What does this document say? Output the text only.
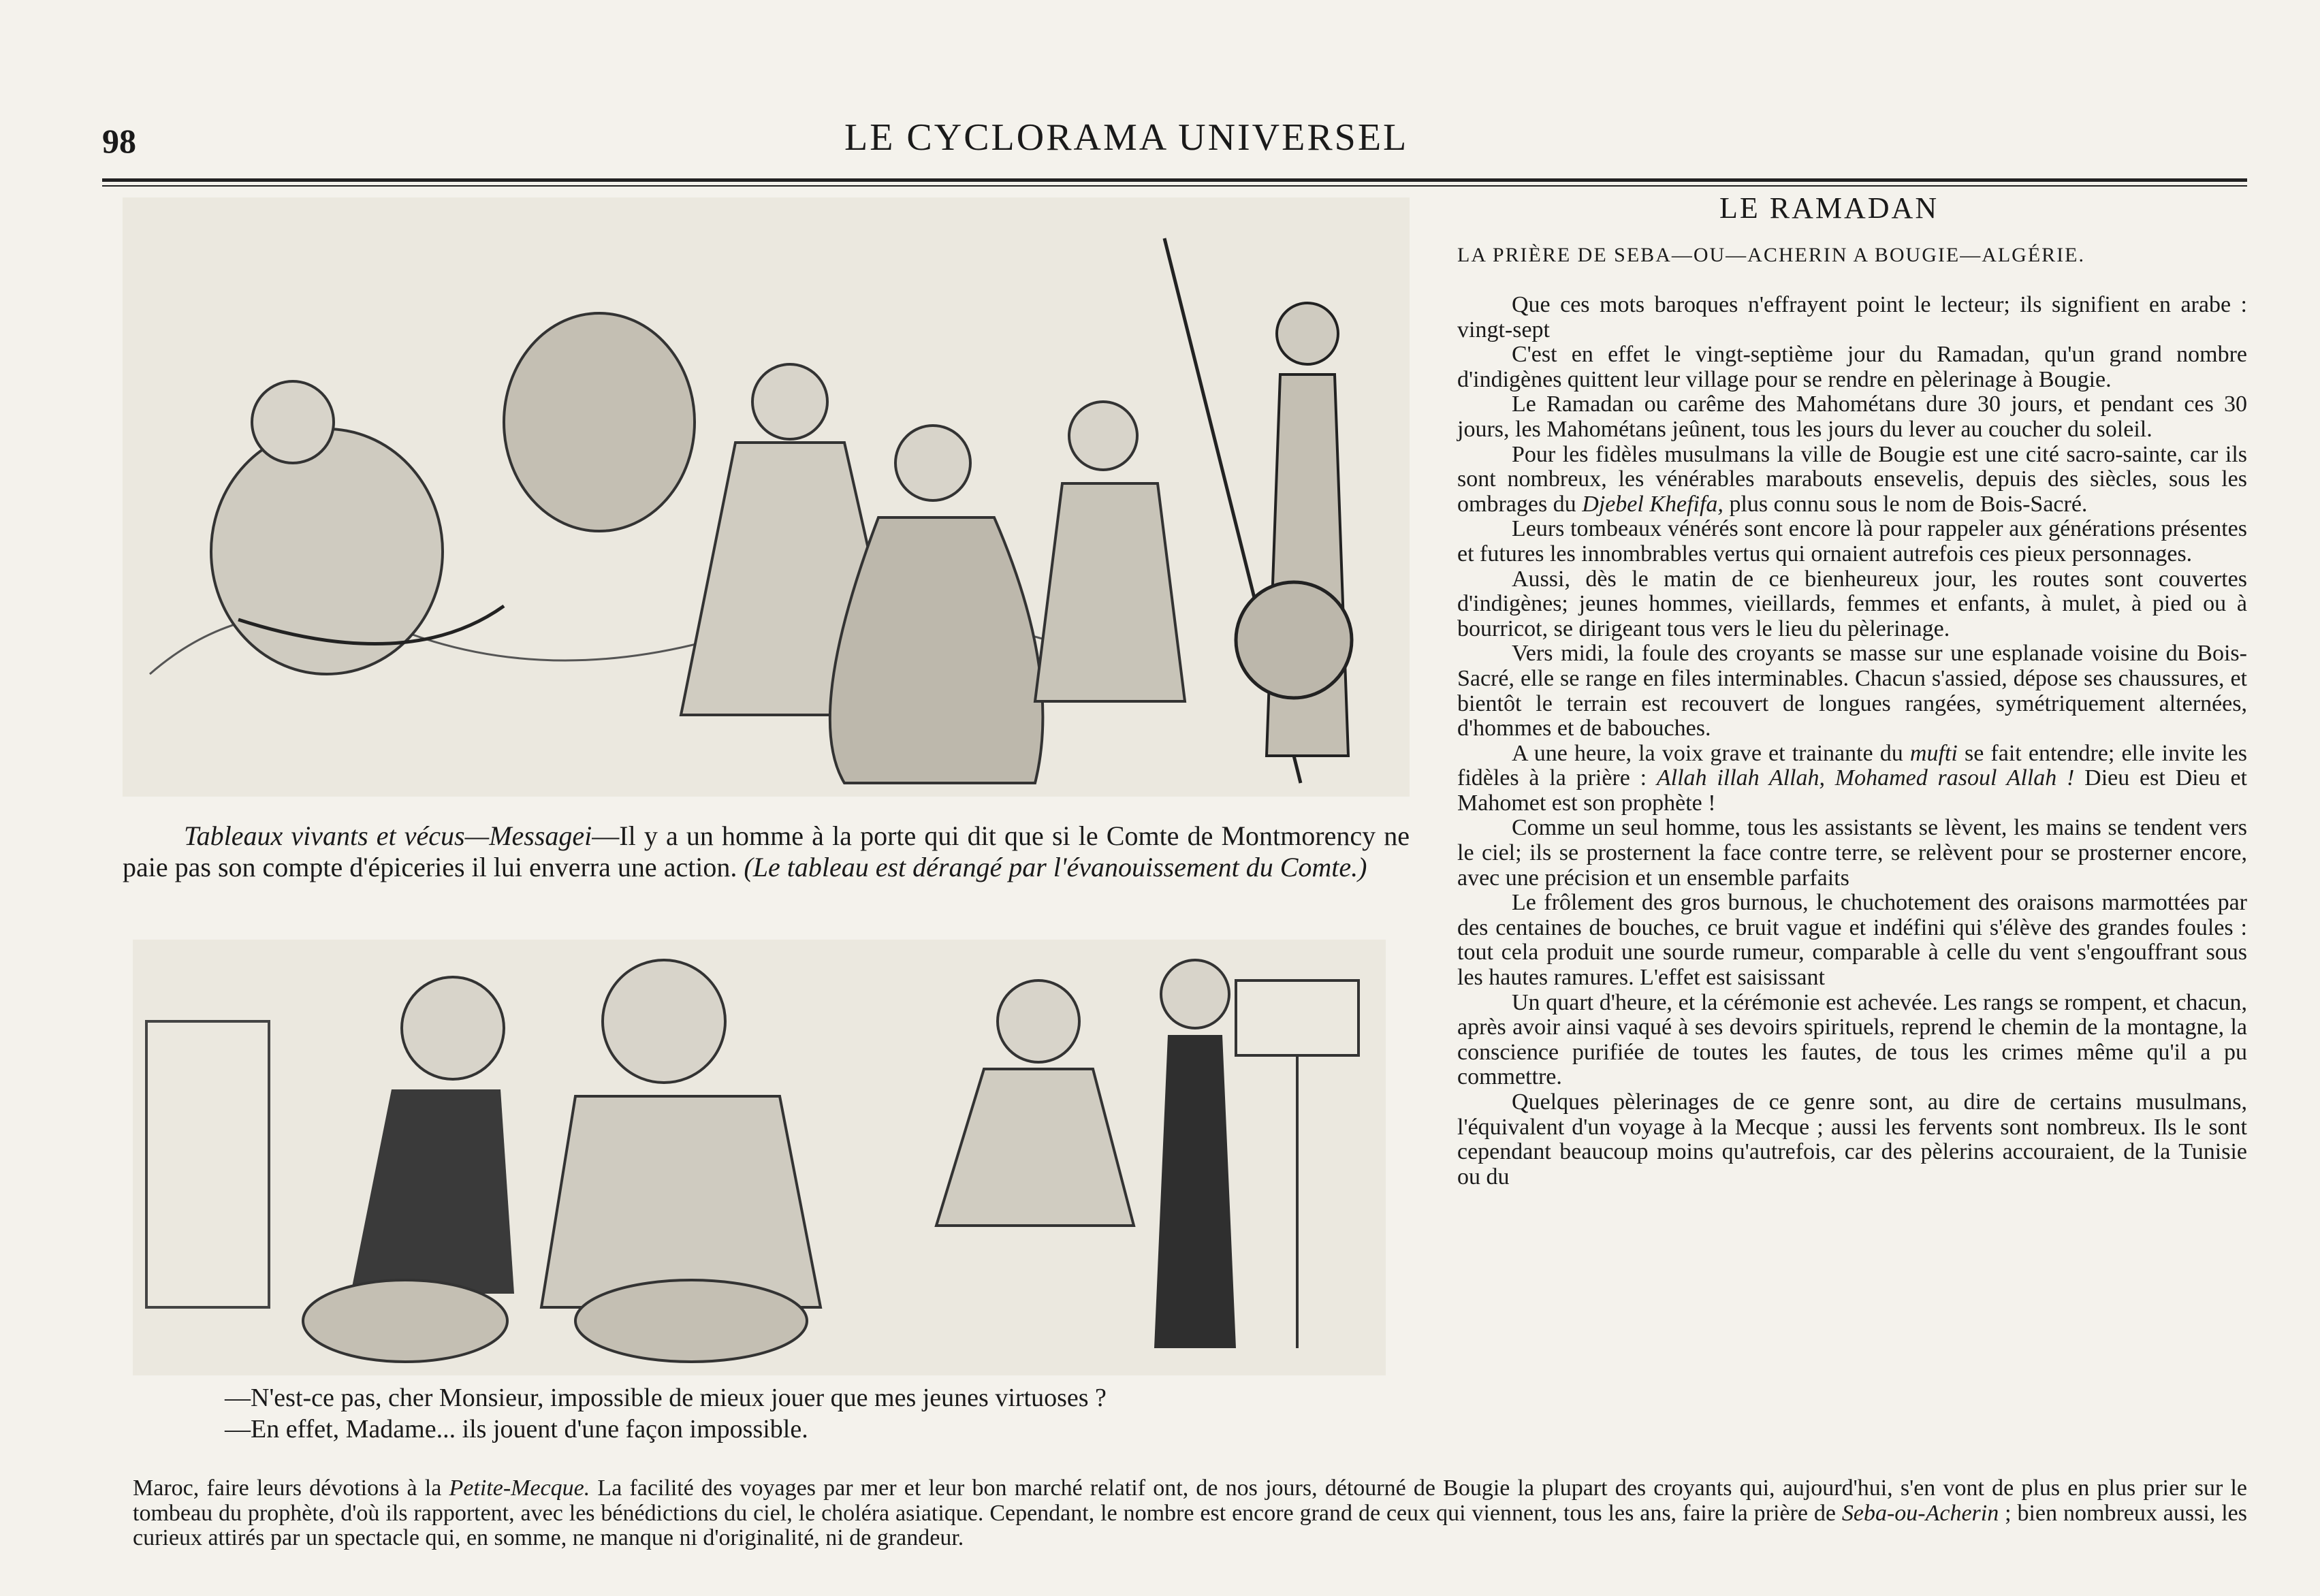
98	LE CYCLORAMA UNIVERSEL
Tableaux vivants et vécus—Messagei—Il y a un homme à la porte qui dit que si le Comte de Montmorency ne paie pas son compte d'épiceries il lui enverra une action. (Le tableau est dérangé par l'évanouissement du Comte.)
—N'est-ce pas, cher Monsieur, impossible de mieux jouer que mes jeunes virtuoses ?
—En effet, Madame... ils jouent d'une façon impossible.
LE RAMADAN
LA PRIÈRE DE SEBA—OU—ACHERIN A BOUGIE—ALGÉRIE.

Que ces mots baroques n'effrayent point le lecteur; ils signifient en arabe : vingt-sept

C'est en effet le vingt-septième jour du Ramadan, qu'un grand nombre d'indigènes quittent leur village pour se rendre en pèlerinage à Bougie.

Le Ramadan ou carême des Mahométans dure 30 jours, et pendant ces 30 jours, les Mahométans jeûnent, tous les jours du lever au coucher du soleil.

Pour les fidèles musulmans la ville de Bougie est une cité sacro-sainte, car ils sont nombreux, les vénérables marabouts ensevelis, depuis des siècles, sous les ombrages du Djebel Khefifa, plus connu sous le nom de Bois-Sacré.

Leurs tombeaux vénérés sont encore là pour rappeler aux générations présentes et futures les innombrables vertus qui ornaient autrefois ces pieux personnages.

Aussi, dès le matin de ce bienheureux jour, les routes sont couvertes d'indigènes; jeunes hommes, vieillards, femmes et enfants, à mulet, à pied ou à bourricot, se dirigeant tous vers le lieu du pèlerinage.

Vers midi, la foule des croyants se masse sur une esplanade voisine du Bois-Sacré, elle se range en files interminables. Chacun s'assied, dépose ses chaussures, et bientôt le terrain est recouvert de longues rangées, symétriquement alternées, d'hommes et de babouches.

A une heure, la voix grave et trainante du mufti se fait entendre; elle invite les fidèles à la prière : Allah illah Allah, Mohamed rasoul Allah ! Dieu est Dieu et Mahomet est son prophète !

Comme un seul homme, tous les assistants se lèvent, les mains se tendent vers le ciel; ils se prosternent la face contre terre, se relèvent pour se prosterner encore, avec une précision et un ensemble parfaits

Le frôlement des gros burnous, le chuchotement des oraisons marmottées par des centaines de bouches, ce bruit vague et indéfini qui s'élève des grandes foules : tout cela produit une sourde rumeur, comparable à celle du vent s'engouffrant sous les hautes ramures. L'effet est saisissant

Un quart d'heure, et la cérémonie est achevée. Les rangs se rompent, et chacun, après avoir ainsi vaqué à ses devoirs spirituels, reprend le chemin de la montagne, la conscience purifiée de toutes les fautes, de tous les crimes même qu'il a pu commettre.

Quelques pèlerinages de ce genre sont, au dire de certains musulmans, l'équivalent d'un voyage à la Mecque ; aussi les fervents sont nombreux. Ils le sont cependant beaucoup moins qu'autrefois, car des pèlerins accouraient, de la Tunisie ou du

Maroc, faire leurs dévotions à la Petite-Mecque. La facilité des voyages par mer et leur bon marché relatif ont, de nos jours, détourné de Bougie la plupart des croyants qui, aujourd'hui, s'en vont de plus en plus prier sur le tombeau du prophète, d'où ils rapportent, avec les bénédictions du ciel, le choléra asiatique. Cependant, le nombre est encore grand de ceux qui viennent, tous les ans, faire la prière de Seba-ou-Acherin ; bien nombreux aussi, les curieux attirés par un spectacle qui, en somme, ne manque ni d'originalité, ni de grandeur.
